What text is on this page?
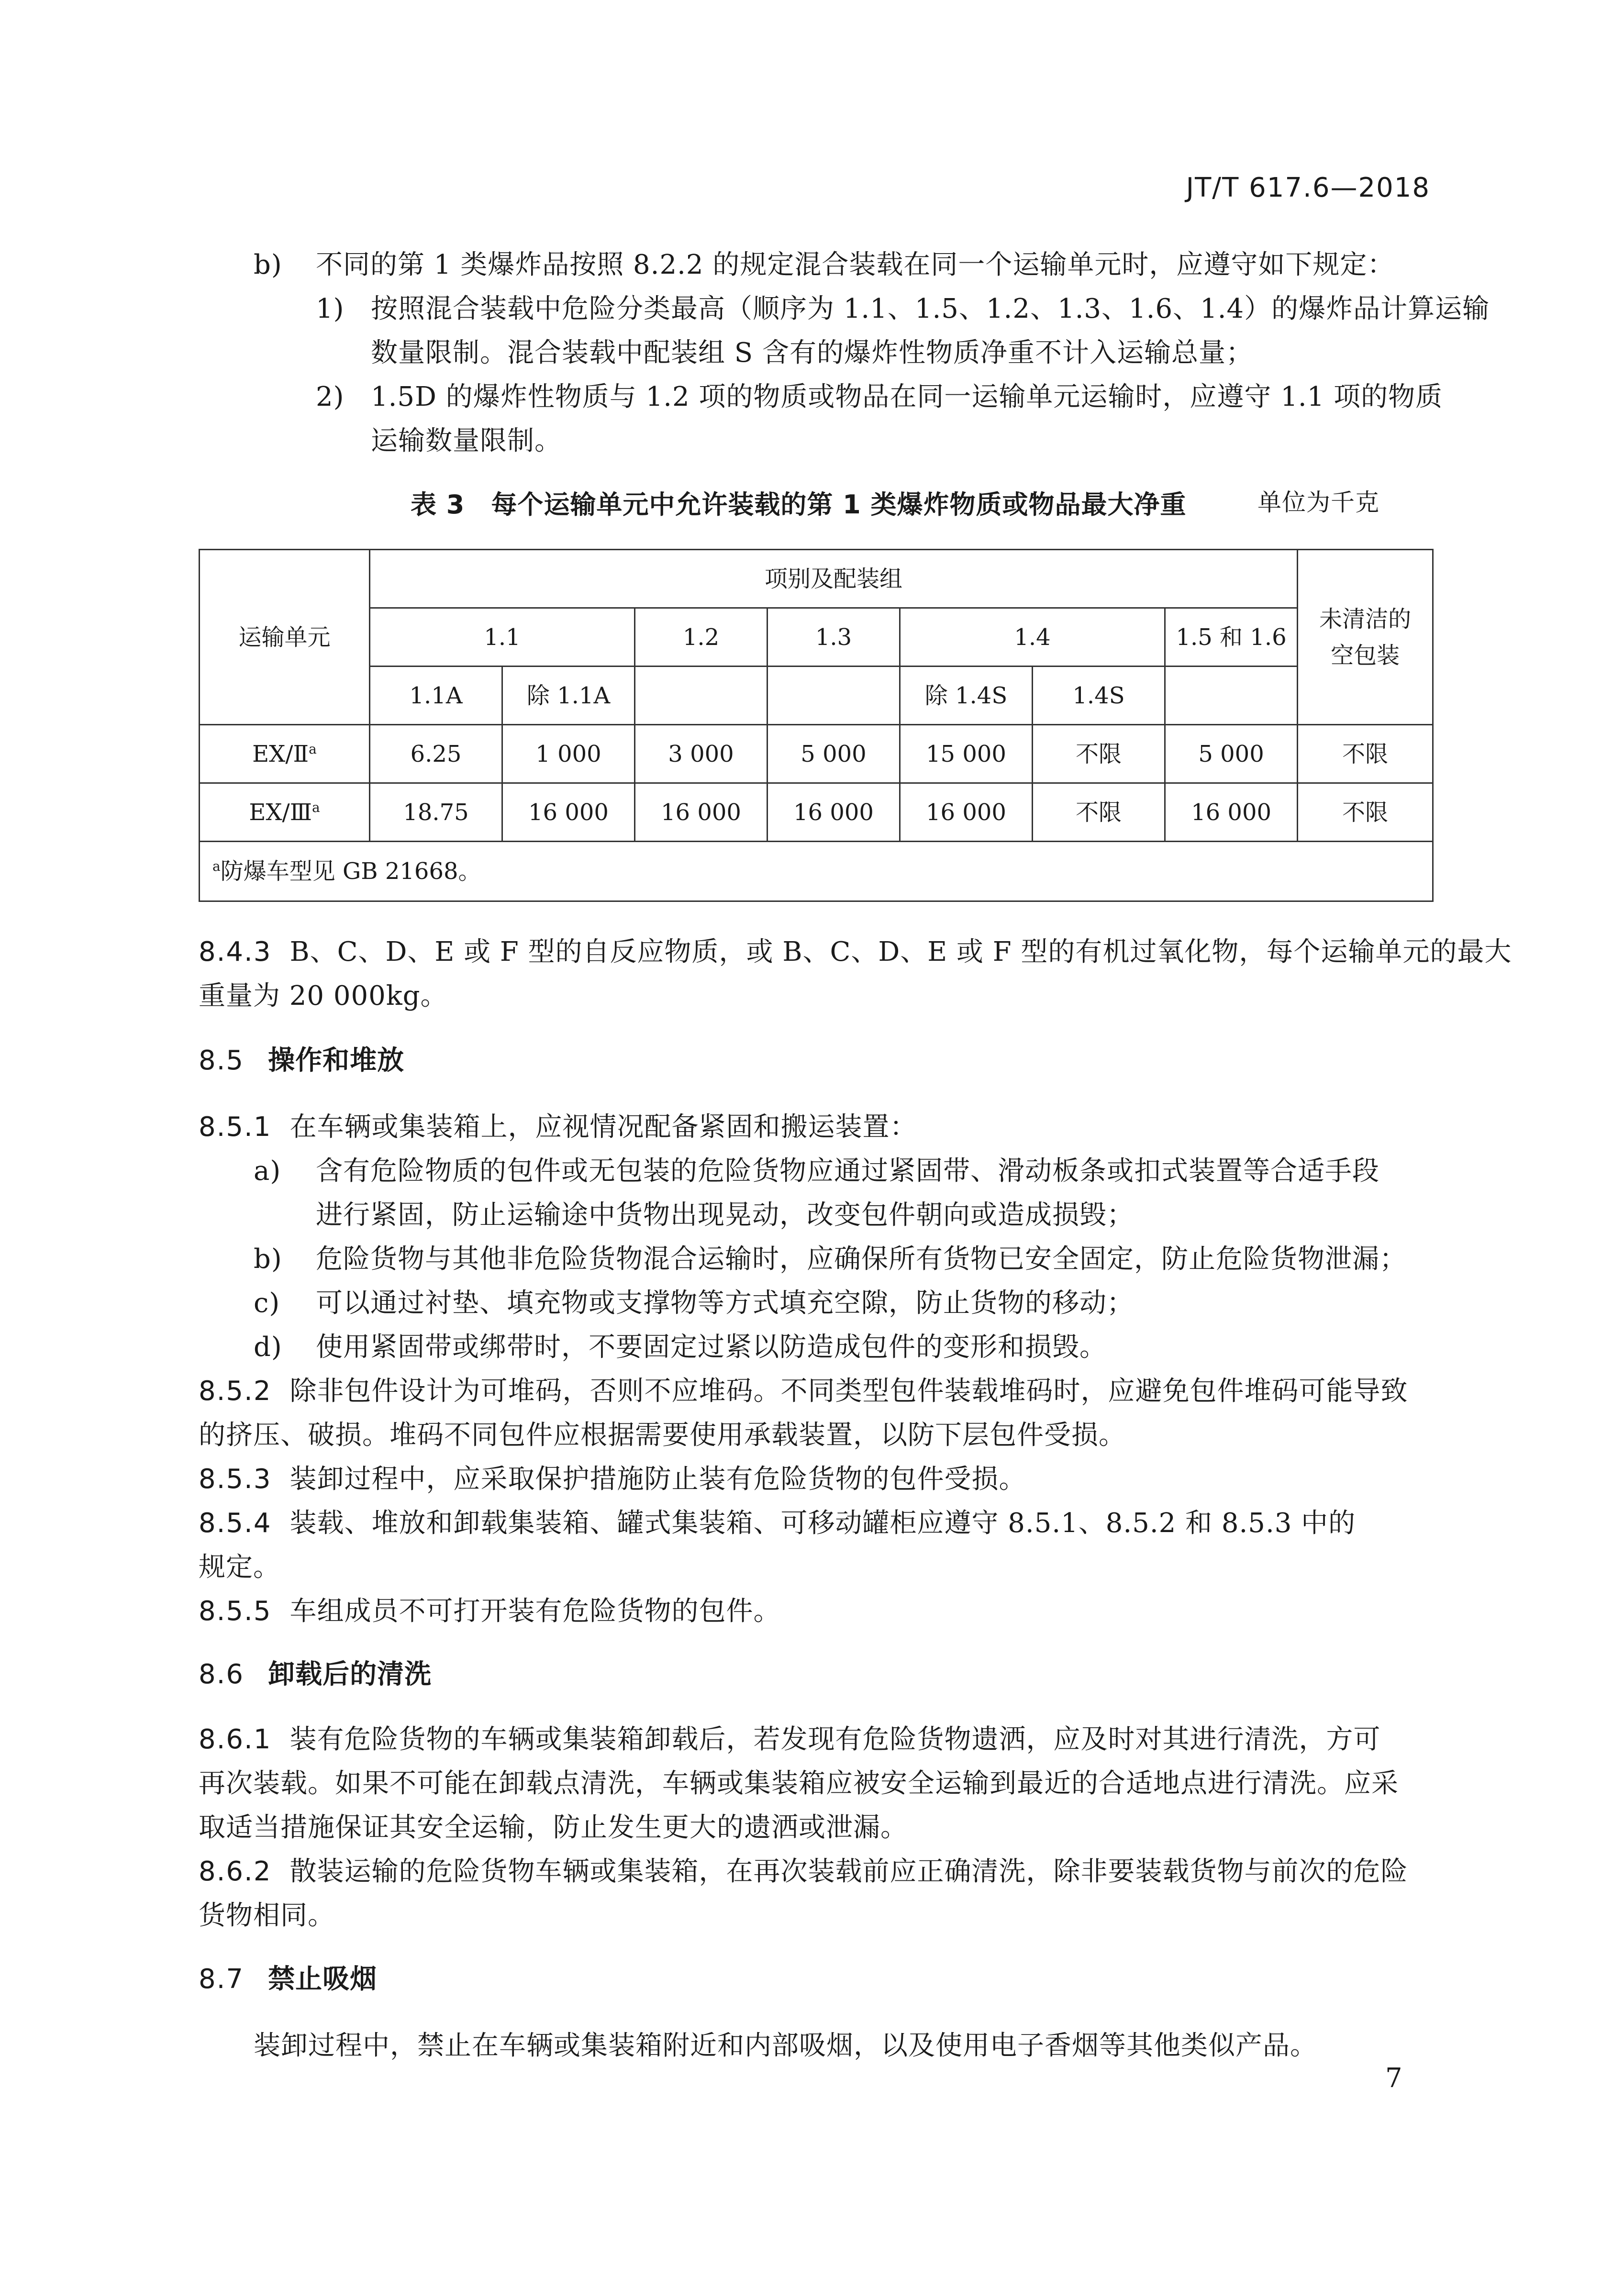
JT/T 617.6—2018
b) 不同的第 1 类爆炸品按照 8.2.2 的规定混合装载在同一个运输单元时，应遵守如下规定：
1) 按照混合装载中危险分类最高（顺序为 1.1、1.5、1.2、1.3、1.6、1.4）的爆炸品计算运输
数量限制。混合装载中配装组 S 含有的爆炸性物质净重不计入运输总量；
2) 1.5D 的爆炸性物质与 1.2 项的物质或物品在同一运输单元运输时，应遵守 1.1 项的物质
运输数量限制。
表 3　每个运输单元中允许装载的第 1 类爆炸物质或物品最大净重	单位为千克
运输单元	项别及配装组							未清洁的
空包装
	1.1		1.2	1.3	1.4		1.5 和 1.6	
	1.1A	除 1.1A			除 1.4S	1.4S		
EX/Ⅱ$^a$	6.25	1 000	3 000	5 000	15 000	不限	5 000	不限
EX/Ⅲ$^a$	18.75	16 000	16 000	16 000	16 000	不限	16 000	不限
$^a$防爆车型见 GB 21668。								
8.4.3 B、C、D、E 或 F 型的自反应物质，或 B、C、D、E 或 F 型的有机过氧化物，每个运输单元的最大
重量为 20 000kg。
8.5 操作和堆放
8.5.1 在车辆或集装箱上，应视情况配备紧固和搬运装置：
a) 含有危险物质的包件或无包装的危险货物应通过紧固带、滑动板条或扣式装置等合适手段
进行紧固，防止运输途中货物出现晃动，改变包件朝向或造成损毁；
b) 危险货物与其他非危险货物混合运输时，应确保所有货物已安全固定，防止危险货物泄漏；
c) 可以通过衬垫、填充物或支撑物等方式填充空隙，防止货物的移动；
d) 使用紧固带或绑带时，不要固定过紧以防造成包件的变形和损毁。
8.5.2 除非包件设计为可堆码，否则不应堆码。不同类型包件装载堆码时，应避免包件堆码可能导致
的挤压、破损。堆码不同包件应根据需要使用承载装置，以防下层包件受损。
8.5.3 装卸过程中，应采取保护措施防止装有危险货物的包件受损。
8.5.4 装载、堆放和卸载集装箱、罐式集装箱、可移动罐柜应遵守 8.5.1、8.5.2 和 8.5.3 中的
规定。
8.5.5 车组成员不可打开装有危险货物的包件。
8.6 卸载后的清洗
8.6.1 装有危险货物的车辆或集装箱卸载后，若发现有危险货物遗洒，应及时对其进行清洗，方可
再次装载。如果不可能在卸载点清洗，车辆或集装箱应被安全运输到最近的合适地点进行清洗。应采
取适当措施保证其安全运输，防止发生更大的遗洒或泄漏。
8.6.2 散装运输的危险货物车辆或集装箱，在再次装载前应正确清洗，除非要装载货物与前次的危险
货物相同。
8.7 禁止吸烟
装卸过程中，禁止在车辆或集装箱附近和内部吸烟，以及使用电子香烟等其他类似产品。
7
